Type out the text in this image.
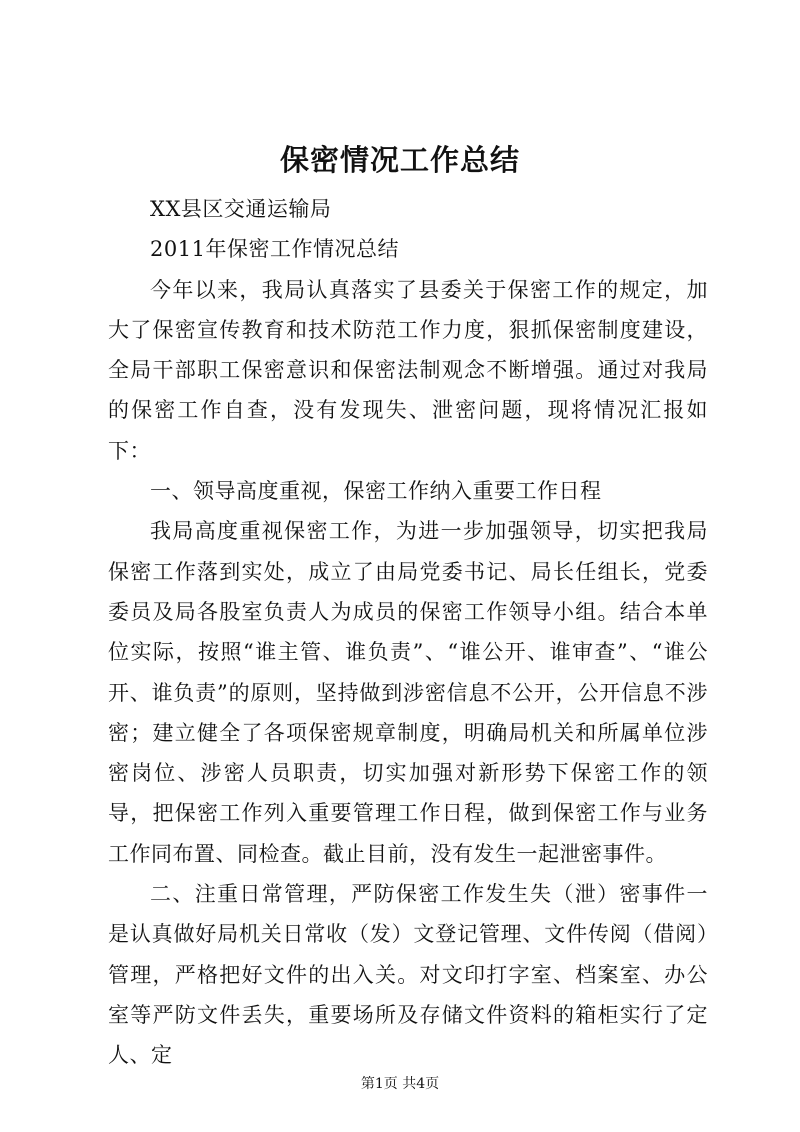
保密情况工作总结

XX县区交通运输局

2011年保密工作情况总结

今年以来，我局认真落实了县委关于保密工作的规定，加大了保密宣传教育和技术防范工作力度，狠抓保密制度建设，全局干部职工保密意识和保密法制观念不断增强。通过对我局的保密工作自查，没有发现失、泄密问题，现将情况汇报如下：

一、领导高度重视，保密工作纳入重要工作日程

我局高度重视保密工作，为进一步加强领导，切实把我局保密工作落到实处，成立了由局党委书记、局长任组长，党委委员及局各股室负责人为成员的保密工作领导小组。结合本单位实际，按照“谁主管、谁负责”、“谁公开、谁审查”、“谁公开、谁负责”的原则，坚持做到涉密信息不公开，公开信息不涉密；建立健全了各项保密规章制度，明确局机关和所属单位涉密岗位、涉密人员职责，切实加强对新形势下保密工作的领导，把保密工作列入重要管理工作日程，做到保密工作与业务工作同布置、同检查。截止目前，没有发生一起泄密事件。

二、注重日常管理，严防保密工作发生失（泄）密事件一是认真做好局机关日常收（发）文登记管理、文件传阅（借阅）管理，严格把好文件的出入关。对文印打字室、档案室、办公室等严防文件丢失，重要场所及存储文件资料的箱柜实行了定人、定

第1页 共4页
